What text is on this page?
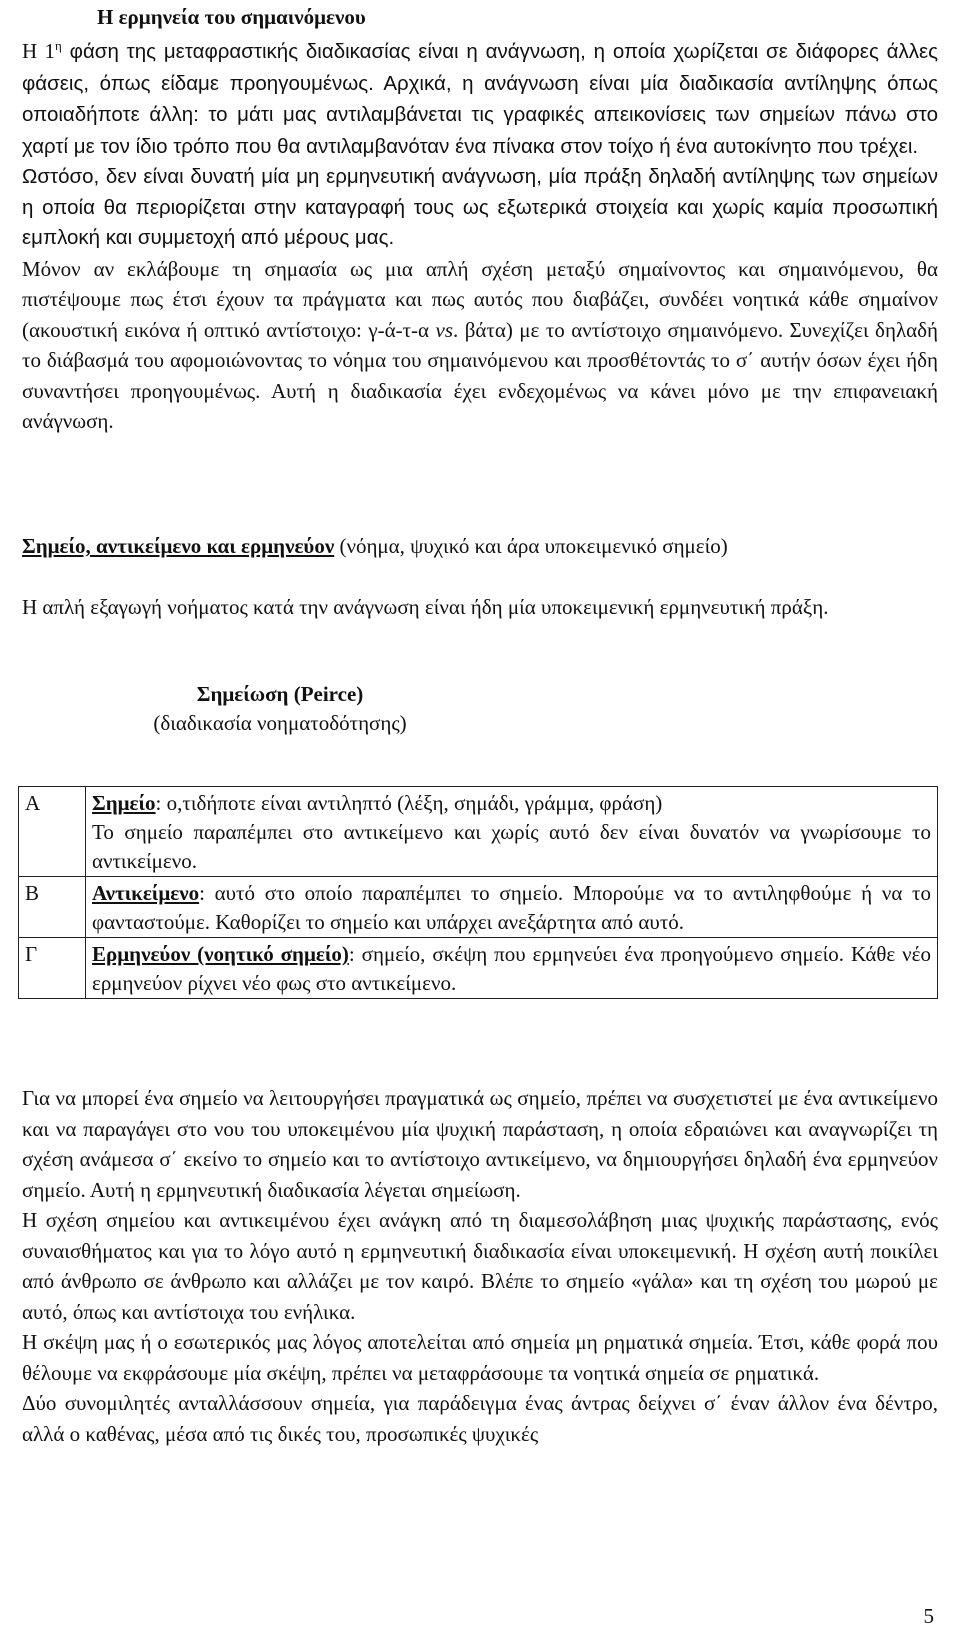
Η ερμηνεία του σημαινόμενου

Η $1^\eta$ φάση της μεταφραστικής διαδικασίας είναι η ανάγνωση, η οποία χωρίζεται σε διάφορες άλλες φάσεις, όπως είδαμε προηγουμένως. Αρχικά, η ανάγνωση είναι μία διαδικασία αντίληψης όπως οποιαδήποτε άλλη: το μάτι μας αντιλαμβάνεται τις γραφικές απεικονίσεις των σημείων πάνω στο χαρτί με τον ίδιο τρόπο που θα αντιλαμβανόταν ένα πίνακα στον τοίχο ή ένα αυτοκίνητο που τρέχει.

Ωστόσο, δεν είναι δυνατή μία μη ερμηνευτική ανάγνωση, μία πράξη δηλαδή αντίληψης των σημείων η οποία θα περιορίζεται στην καταγραφή τους ως εξωτερικά στοιχεία και χωρίς καμία προσωπική εμπλοκή και συμμετοχή από μέρους μας.

Μόνον αν εκλάβουμε τη σημασία ως μια απλή σχέση μεταξύ σημαίνοντος και σημαινόμενου, θα πιστέψουμε πως έτσι έχουν τα πράγματα και πως αυτός που διαβάζει, συνδέει νοητικά κάθε σημαίνον (ακουστική εικόνα ή οπτικό αντίστοιχο: γ-ά-τ-α vs. βάτα) με το αντίστοιχο σημαινόμενο. Συνεχίζει δηλαδή το διάβασμά του αφομοιώνοντας το νόημα του σημαινόμενου και προσθέτοντάς το σ΄ αυτήν όσων έχει ήδη συναντήσει προηγουμένως. Αυτή η διαδικασία έχει ενδεχομένως να κάνει μόνο με την επιφανειακή ανάγνωση.

Σημείο, αντικείμενο και ερμηνεύον (νόημα, ψυχικό και άρα υποκειμενικό σημείο)
Η απλή εξαγωγή νοήματος κατά την ανάγνωση είναι ήδη μία υποκειμενική ερμηνευτική πράξη.
Σημείωση (Peirce)
(διαδικασία νοηματοδότησης)
Α	Σημείο: ο,τιδήποτε είναι αντιληπτό (λέξη, σημάδι, γράμμα, φράση)
Το σημείο παραπέμπει στο αντικείμενο και χωρίς αυτό δεν είναι δυνατόν να γνωρίσουμε το αντικείμενο.
Β	Αντικείμενο: αυτό στο οποίο παραπέμπει το σημείο. Μπορούμε να το αντιληφθούμε ή να το φανταστούμε. Καθορίζει το σημείο και υπάρχει ανεξάρτητα από αυτό.
Γ	Ερμηνεύον (νοητικό σημείο): σημείο, σκέψη που ερμηνεύει ένα προηγούμενο σημείο. Κάθε νέο ερμηνεύον ρίχνει νέο φως στο αντικείμενο.

Για να μπορεί ένα σημείο να λειτουργήσει πραγματικά ως σημείο, πρέπει να συσχετιστεί με ένα αντικείμενο και να παραγάγει στο νου του υποκειμένου μία ψυχική παράσταση, η οποία εδραιώνει και αναγνωρίζει τη σχέση ανάμεσα σ΄ εκείνο το σημείο και το αντίστοιχο αντικείμενο, να δημιουργήσει δηλαδή ένα ερμηνεύον σημείο. Αυτή η ερμηνευτική διαδικασία λέγεται σημείωση.

Η σχέση σημείου και αντικειμένου έχει ανάγκη από τη διαμεσολάβηση μιας ψυχικής παράστασης, ενός συναισθήματος και για το λόγο αυτό η ερμηνευτική διαδικασία είναι υποκειμενική. Η σχέση αυτή ποικίλει από άνθρωπο σε άνθρωπο και αλλάζει με τον καιρό. Βλέπε το σημείο «γάλα» και τη σχέση του μωρού με αυτό, όπως και αντίστοιχα του ενήλικα.

Η σκέψη μας ή ο εσωτερικός μας λόγος αποτελείται από σημεία μη ρηματικά σημεία. Έτσι, κάθε φορά που θέλουμε να εκφράσουμε μία σκέψη, πρέπει να μεταφράσουμε τα νοητικά σημεία σε ρηματικά.

Δύο συνομιλητές ανταλλάσσουν σημεία, για παράδειγμα ένας άντρας δείχνει σ΄ έναν άλλον ένα δέντρο, αλλά ο καθένας, μέσα από τις δικές του, προσωπικές ψυχικές

5
